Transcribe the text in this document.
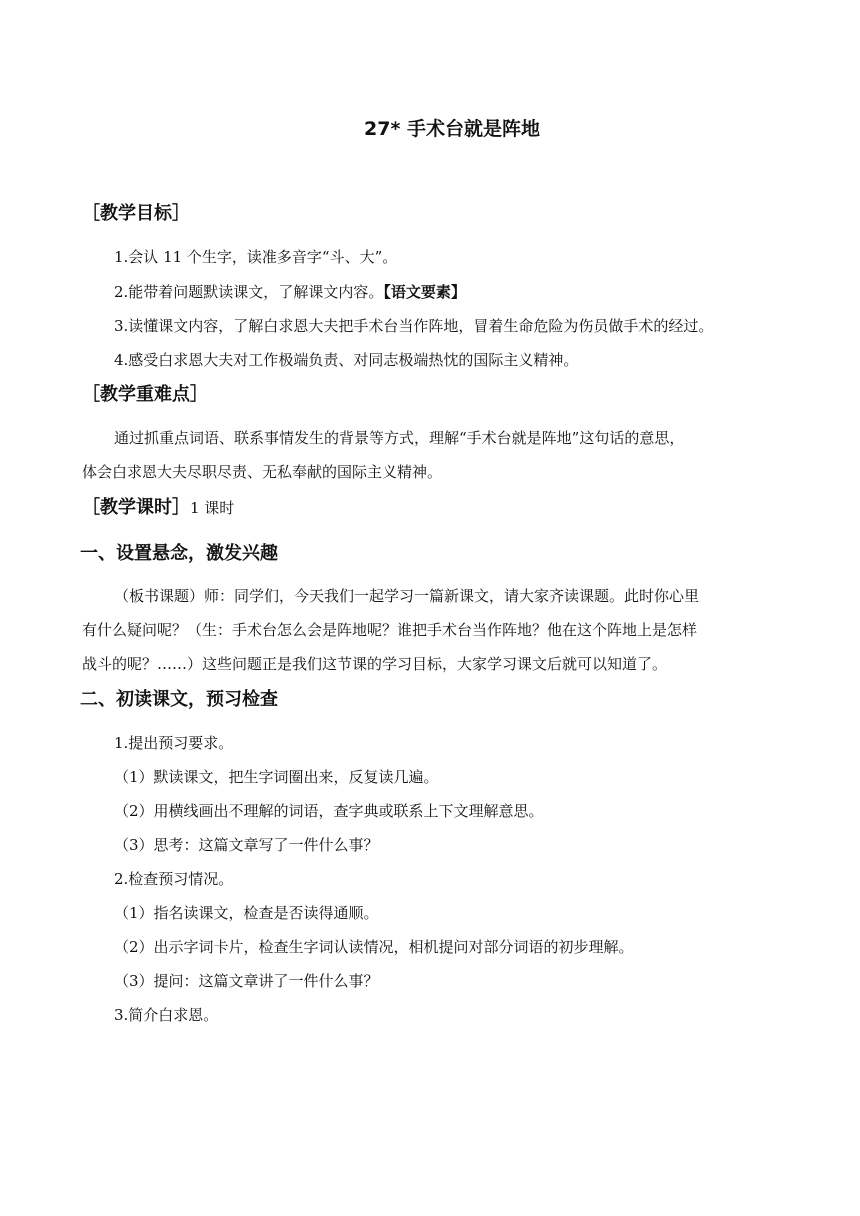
27* 手术台就是阵地
［教学目标］
1.会认 11 个生字，读准多音字“斗、大”。
2.能带着问题默读课文，了解课文内容。【语文要素】
3.读懂课文内容，了解白求恩大夫把手术台当作阵地，冒着生命危险为伤员做手术的经过。
4.感受白求恩大夫对工作极端负责、对同志极端热忱的国际主义精神。
［教学重难点］
通过抓重点词语、联系事情发生的背景等方式，理解“手术台就是阵地”这句话的意思，
体会白求恩大夫尽职尽责、无私奉献的国际主义精神。
［教学课时］1 课时
一、设置悬念，激发兴趣
（板书课题）师：同学们，今天我们一起学习一篇新课文，请大家齐读课题。此时你心里
有什么疑问呢？（生：手术台怎么会是阵地呢？谁把手术台当作阵地？他在这个阵地上是怎样
战斗的呢？……）这些问题正是我们这节课的学习目标，大家学习课文后就可以知道了。
二、初读课文，预习检查
1.提出预习要求。
（1）默读课文，把生字词圈出来，反复读几遍。
（2）用横线画出不理解的词语，查字典或联系上下文理解意思。
（3）思考：这篇文章写了一件什么事？
2.检查预习情况。
（1）指名读课文，检查是否读得通顺。
（2）出示字词卡片，检查生字词认读情况，相机提问对部分词语的初步理解。
（3）提问：这篇文章讲了一件什么事？
3.简介白求恩。
